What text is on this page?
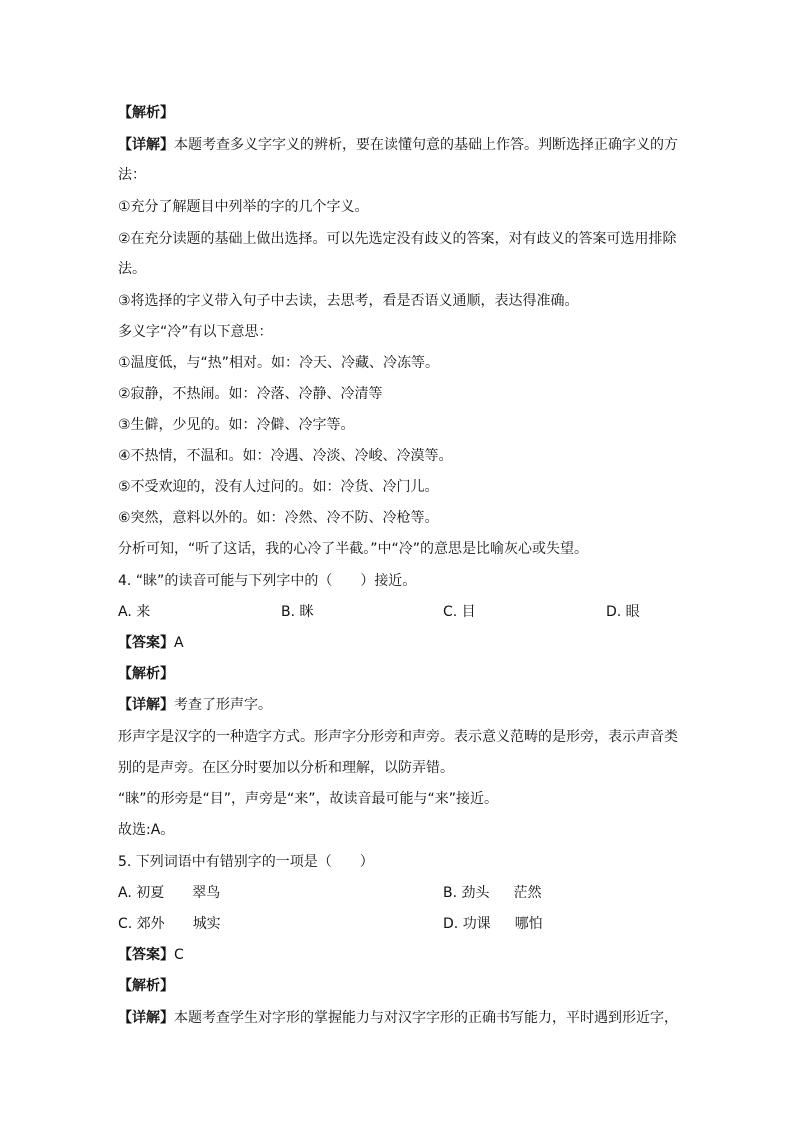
【解析】
【详解】本题考查多义字字义的辨析，要在读懂句意的基础上作答。判断选择正确字义的方
法：
①充分了解题目中列举的字的几个字义。
②在充分读题的基础上做出选择。可以先选定没有歧义的答案，对有歧义的答案可选用排除
法。
③将选择的字义带入句子中去读，去思考，看是否语义通顺，表达得准确。
多义字“冷”有以下意思：
①温度低，与“热”相对。如：冷天、冷藏、冷冻等。
②寂静，不热闹。如：冷落、冷静、冷清等
③生僻，少见的。如：冷僻、冷字等。
④不热情，不温和。如：冷遇、冷淡、冷峻、冷漠等。
⑤不受欢迎的，没有人过问的。如：冷货、冷门儿。
⑥突然，意料以外的。如：冷然、冷不防、冷枪等。
分析可知，“听了这话，我的心冷了半截。”中“冷”的意思是比喻灰心或失望。
4. “睐”的读音可能与下列字中的（　　）接近。
A. 来	B. 眯	C. 目	D. 眼
【答案】A
【解析】
【详解】考查了形声字。
形声字是汉字的一种造字方式。形声字分形旁和声旁。表示意义范畴的是形旁，表示声音类
别的是声旁。在区分时要加以分析和理解，以防弄错。
“睐”的形旁是“目”，声旁是“来”，故读音最可能与“来”接近。
故选:A。
5. 下列词语中有错别字的一项是（　　）
A. 初夏 翠鸟	B. 劲头 茫然
C. 郊外 城实	D. 功课 哪怕
【答案】C
【解析】
【详解】本题考查学生对字形的掌握能力与对汉字字形的正确书写能力，平时遇到形近字，
